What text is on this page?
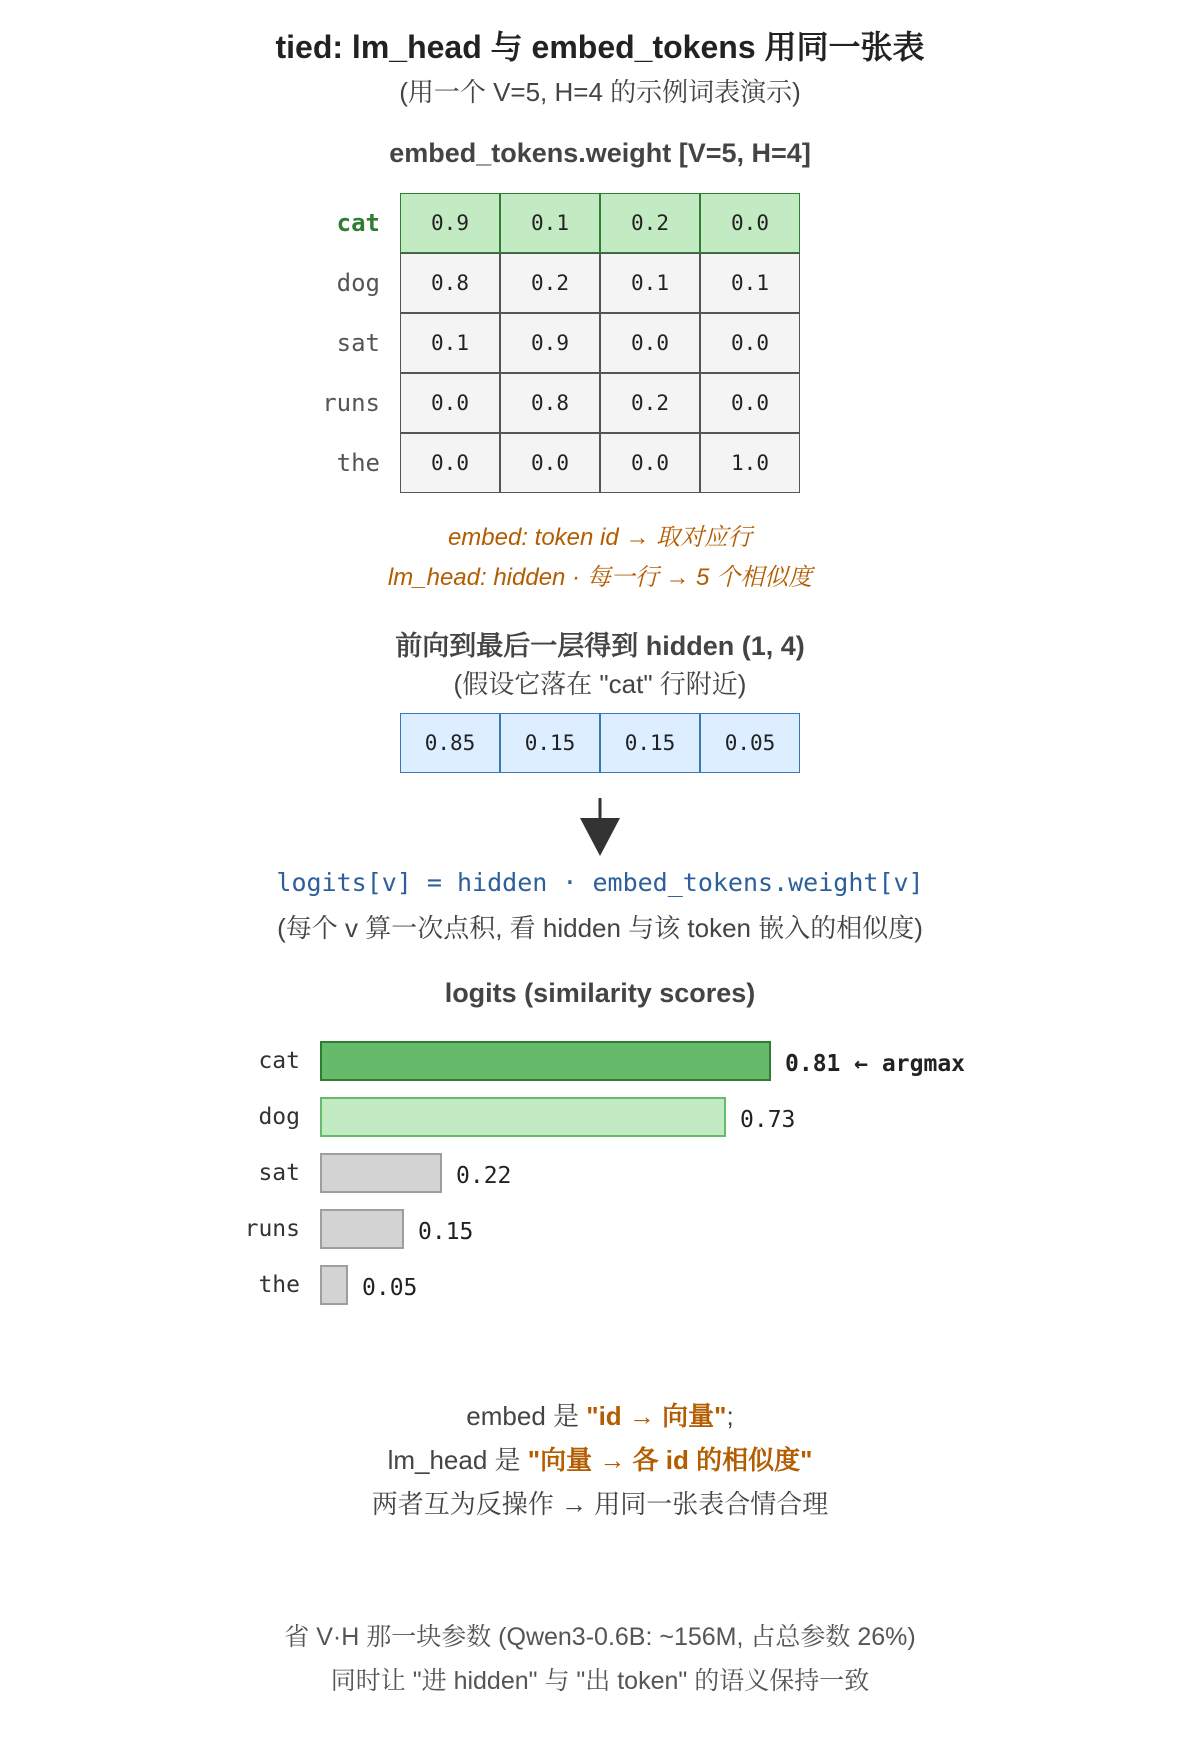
tied: lm_head 与 embed_tokens 用同一张表
(用一个 V=5, H=4 的示例词表演示)
embed_tokens.weight [V=5, H=4]
cat	0.9	0.1	0.2	0.0
dog	0.8	0.2	0.1	0.1
sat	0.1	0.9	0.0	0.0
runs	0.0	0.8	0.2	0.0
the	0.0	0.0	0.0	1.0
embed: token id → 取对应行
lm_head: hidden · 每一行 → 5 个相似度
前向到最后一层得到 hidden (1, 4)
(假设它落在 "cat" 行附近)
0.85	0.15	0.15	0.05
logits[v] = hidden · embed_tokens.weight[v]
(每个 v 算一次点积, 看 hidden 与该 token 嵌入的相似度)
logits (similarity scores)
cat	0.81 ← argmax
dog	0.73
sat	0.22
runs	0.15
the	0.05
embed 是 "id → 向量";
lm_head 是 "向量 → 各 id 的相似度"
两者互为反操作 → 用同一张表合情合理
省 V·H 那一块参数 (Qwen3-0.6B: ~156M, 占总参数 26%)
同时让 "进 hidden" 与 "出 token" 的语义保持一致
